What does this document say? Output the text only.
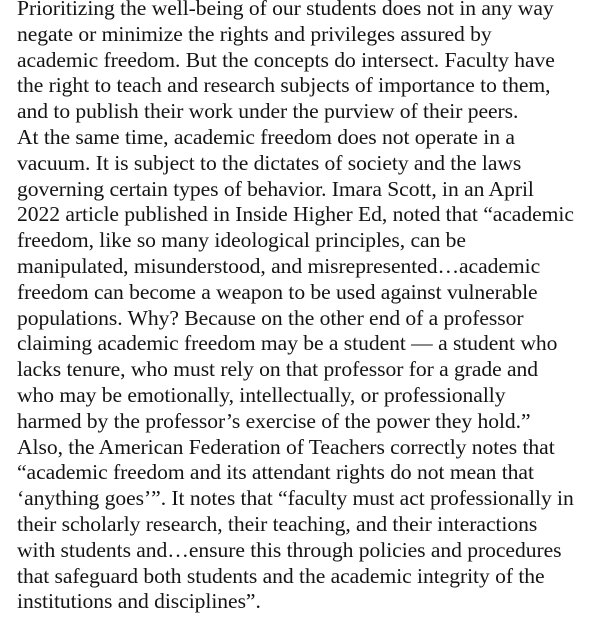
Prioritizing the well-being of our students does not in any way
negate or minimize the rights and privileges assured by
academic freedom. But the concepts do intersect. Faculty have
the right to teach and research subjects of importance to them,
and to publish their work under the purview of their peers.
At the same time, academic freedom does not operate in a
vacuum. It is subject to the dictates of society and the laws
governing certain types of behavior. Imara Scott, in an April
2022 article published in Inside Higher Ed, noted that “academic
freedom, like so many ideological principles, can be
manipulated, misunderstood, and misrepresented…academic
freedom can become a weapon to be used against vulnerable
populations. Why? Because on the other end of a professor
claiming academic freedom may be a student — a student who
lacks tenure, who must rely on that professor for a grade and
who may be emotionally, intellectually, or professionally
harmed by the professor’s exercise of the power they hold.”
Also, the American Federation of Teachers correctly notes that
“academic freedom and its attendant rights do not mean that
‘anything goes’”. It notes that “faculty must act professionally in
their scholarly research, their teaching, and their interactions
with students and…ensure this through policies and procedures
that safeguard both students and the academic integrity of the
institutions and disciplines”.
